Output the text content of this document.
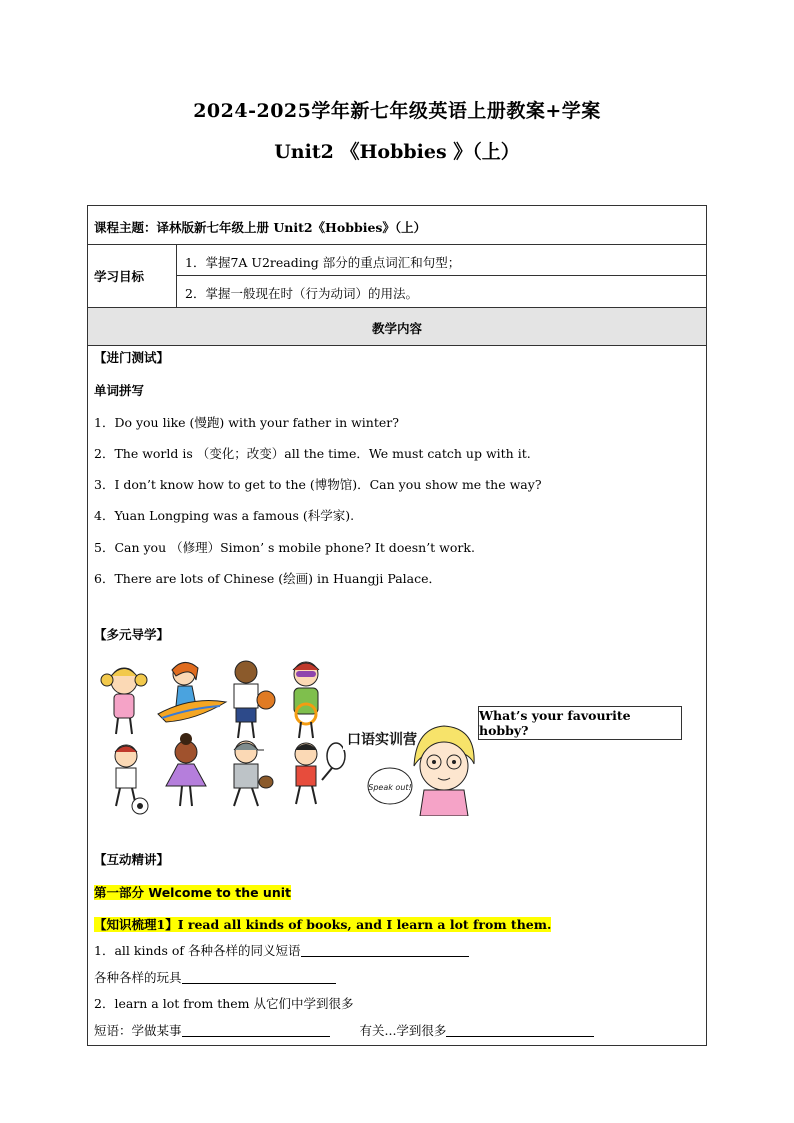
2024-2025学年新七年级英语上册教案+学案
Unit2 《Hobbies 》（上）
课程主题：译林版新七年级上册 Unit2《Hobbies》（上）
学习目标
1．掌握7A U2reading 部分的重点词汇和句型；
2．掌握一般现在时（行为动词）的用法。
教学内容
【进门测试】
单词拼写
1．Do you like (慢跑) with your father in winter?
2．The world is （变化；改变）all the time．We must catch up with it.
3．I don’t know how to get to the (博物馆)．Can you show me the way?
4．Yuan Longping was a famous (科学家).
5．Can you （修理）Simon’ s mobile phone? It doesn’t work.
6．There are lots of Chinese (绘画) in Huangji Palace．
【多元导学】
口语实训营
Speak out!
What’s your favourite hobby?
【互动精讲】
第一部分 Welcome to the unit
【知识梳理1】I read all kinds of books, and I learn a lot from them.
1．all kinds of 各种各样的同义短语
各种各样的玩具
2．learn a lot from them 从它们中学到很多
短语：学做某事	有关...学到很多
